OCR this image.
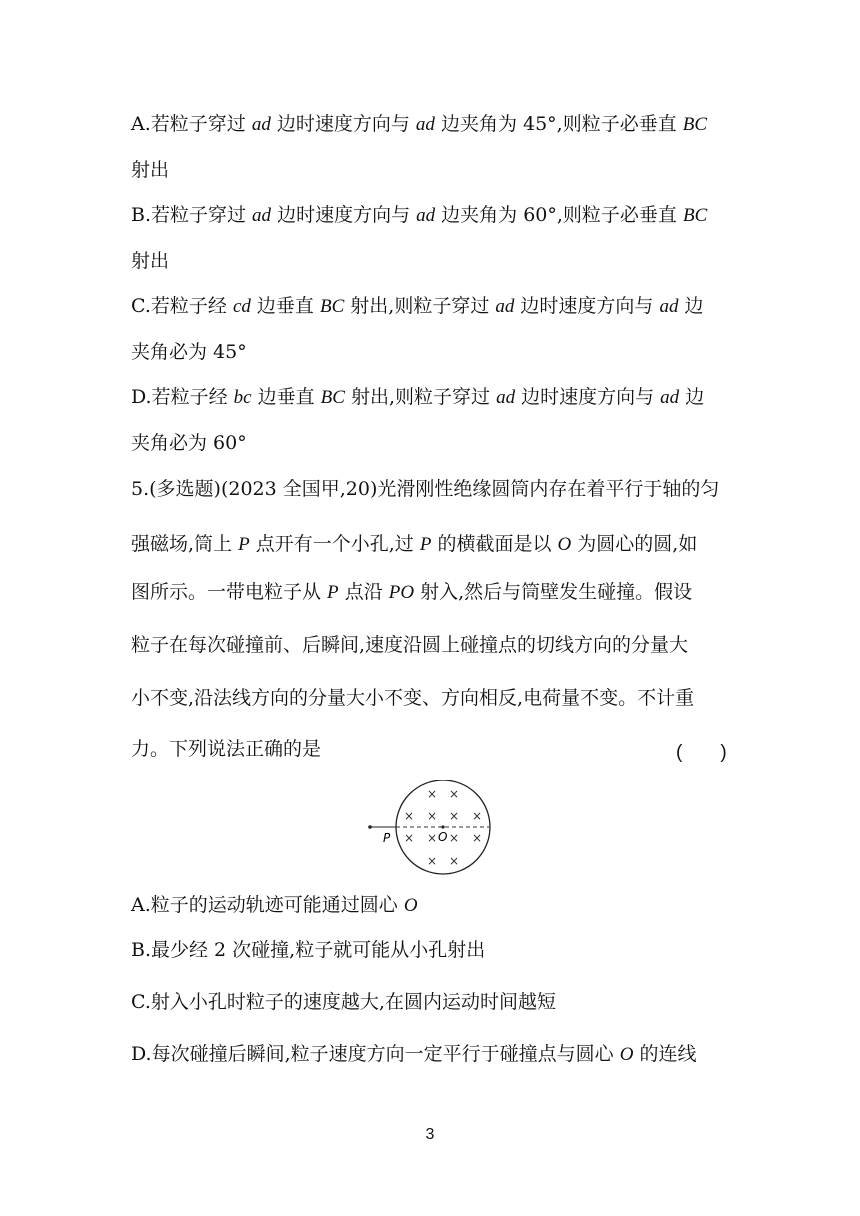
A.若粒子穿过 ad 边时速度方向与 ad 边夹角为 45°,则粒子必垂直 BC
射出
B.若粒子穿过 ad 边时速度方向与 ad 边夹角为 60°,则粒子必垂直 BC
射出
C.若粒子经 cd 边垂直 BC 射出,则粒子穿过 ad 边时速度方向与 ad 边
夹角必为 45°
D.若粒子经 bc 边垂直 BC 射出,则粒子穿过 ad 边时速度方向与 ad 边
夹角必为 60°
5.(多选题)(2023 全国甲,20)光滑刚性绝缘圆筒内存在着平行于轴的匀
强磁场,筒上 P 点开有一个小孔,过 P 的横截面是以 O 为圆心的圆,如
图所示。一带电粒子从 P 点沿 PO 射入,然后与筒壁发生碰撞。假设
粒子在每次碰撞前、后瞬间,速度沿圆上碰撞点的切线方向的分量大
小不变,沿法线方向的分量大小不变、方向相反,电荷量不变。不计重
力。下列说法正确的是	(　　)
P	O
× ×
× × × ×
× × × ×
× ×
A.粒子的运动轨迹可能通过圆心 O
B.最少经 2 次碰撞,粒子就可能从小孔射出
C.射入小孔时粒子的速度越大,在圆内运动时间越短
D.每次碰撞后瞬间,粒子速度方向一定平行于碰撞点与圆心 O 的连线
3
